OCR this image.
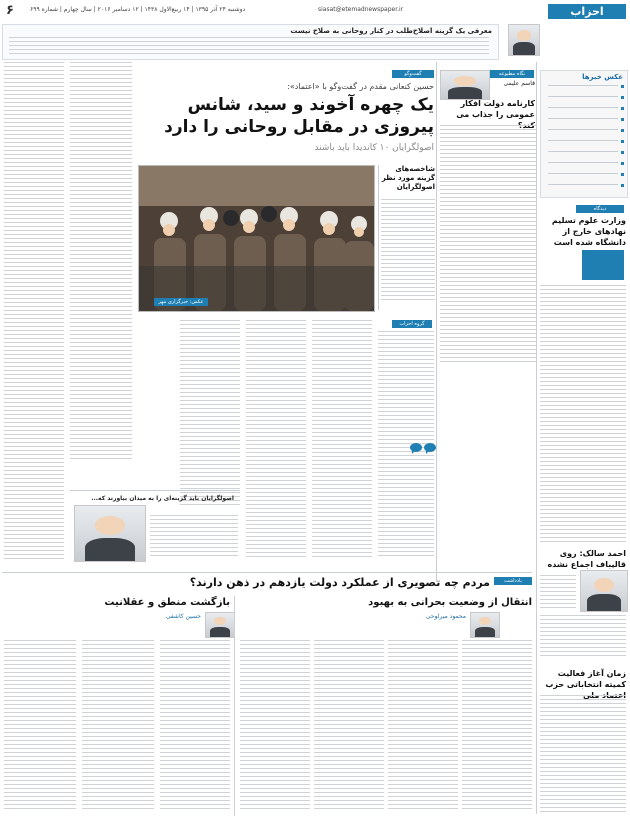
۶	دوشنبه ۲۴ آذر ۱۳۹۵ | ۱۴ ربیع‌الاول ۱۴۳۸ | ۱۲ دسامبر ۲۰۱۶ | سال چهارم | شماره ۶۹۹	siasat@etemadnewspaper.ir	احزاب
معرفی یک گزینه اصلاح‌طلب در کنار روحانی به صلاح نیست
عکس خبرها
نگاه مطبوعه
قاسم علیمی
کارنامه دولت افکار عمومی را جذاب می
دیدگاه
وزارت علوم تسلیم نهادهای خارج از دانشگاه شده است
احمد سالک: روی قالیباف اجماع نشده
زمان آغاز فعالیت کمیته انتخاباتی حزب
گفت‌وگو
حسین کنعانی مقدم در گفت‌وگو با «اعتماد»:
یک چهره آخوند و سید، شانس
پیروزی در مقابل روحانی را دارد
اصولگرایان ۱۰ کاندیدا باید باشند
عکس: خبرگزاری مهر
شاخصه‌های گزینه مورد نظر اصولگرایان
گروه احزاب
اصولگرایان باید گزینه‌ای را به میدان بیاورند که...
یادداشت
مردم چه تصویری از عملکرد دولت یازدهم در ذهن دارند؟
انتقال از وضعیت بحرانی به بهبود
بازگشت منطق و عقلانیت
محمود میرلوحی
حسین کاشفی
